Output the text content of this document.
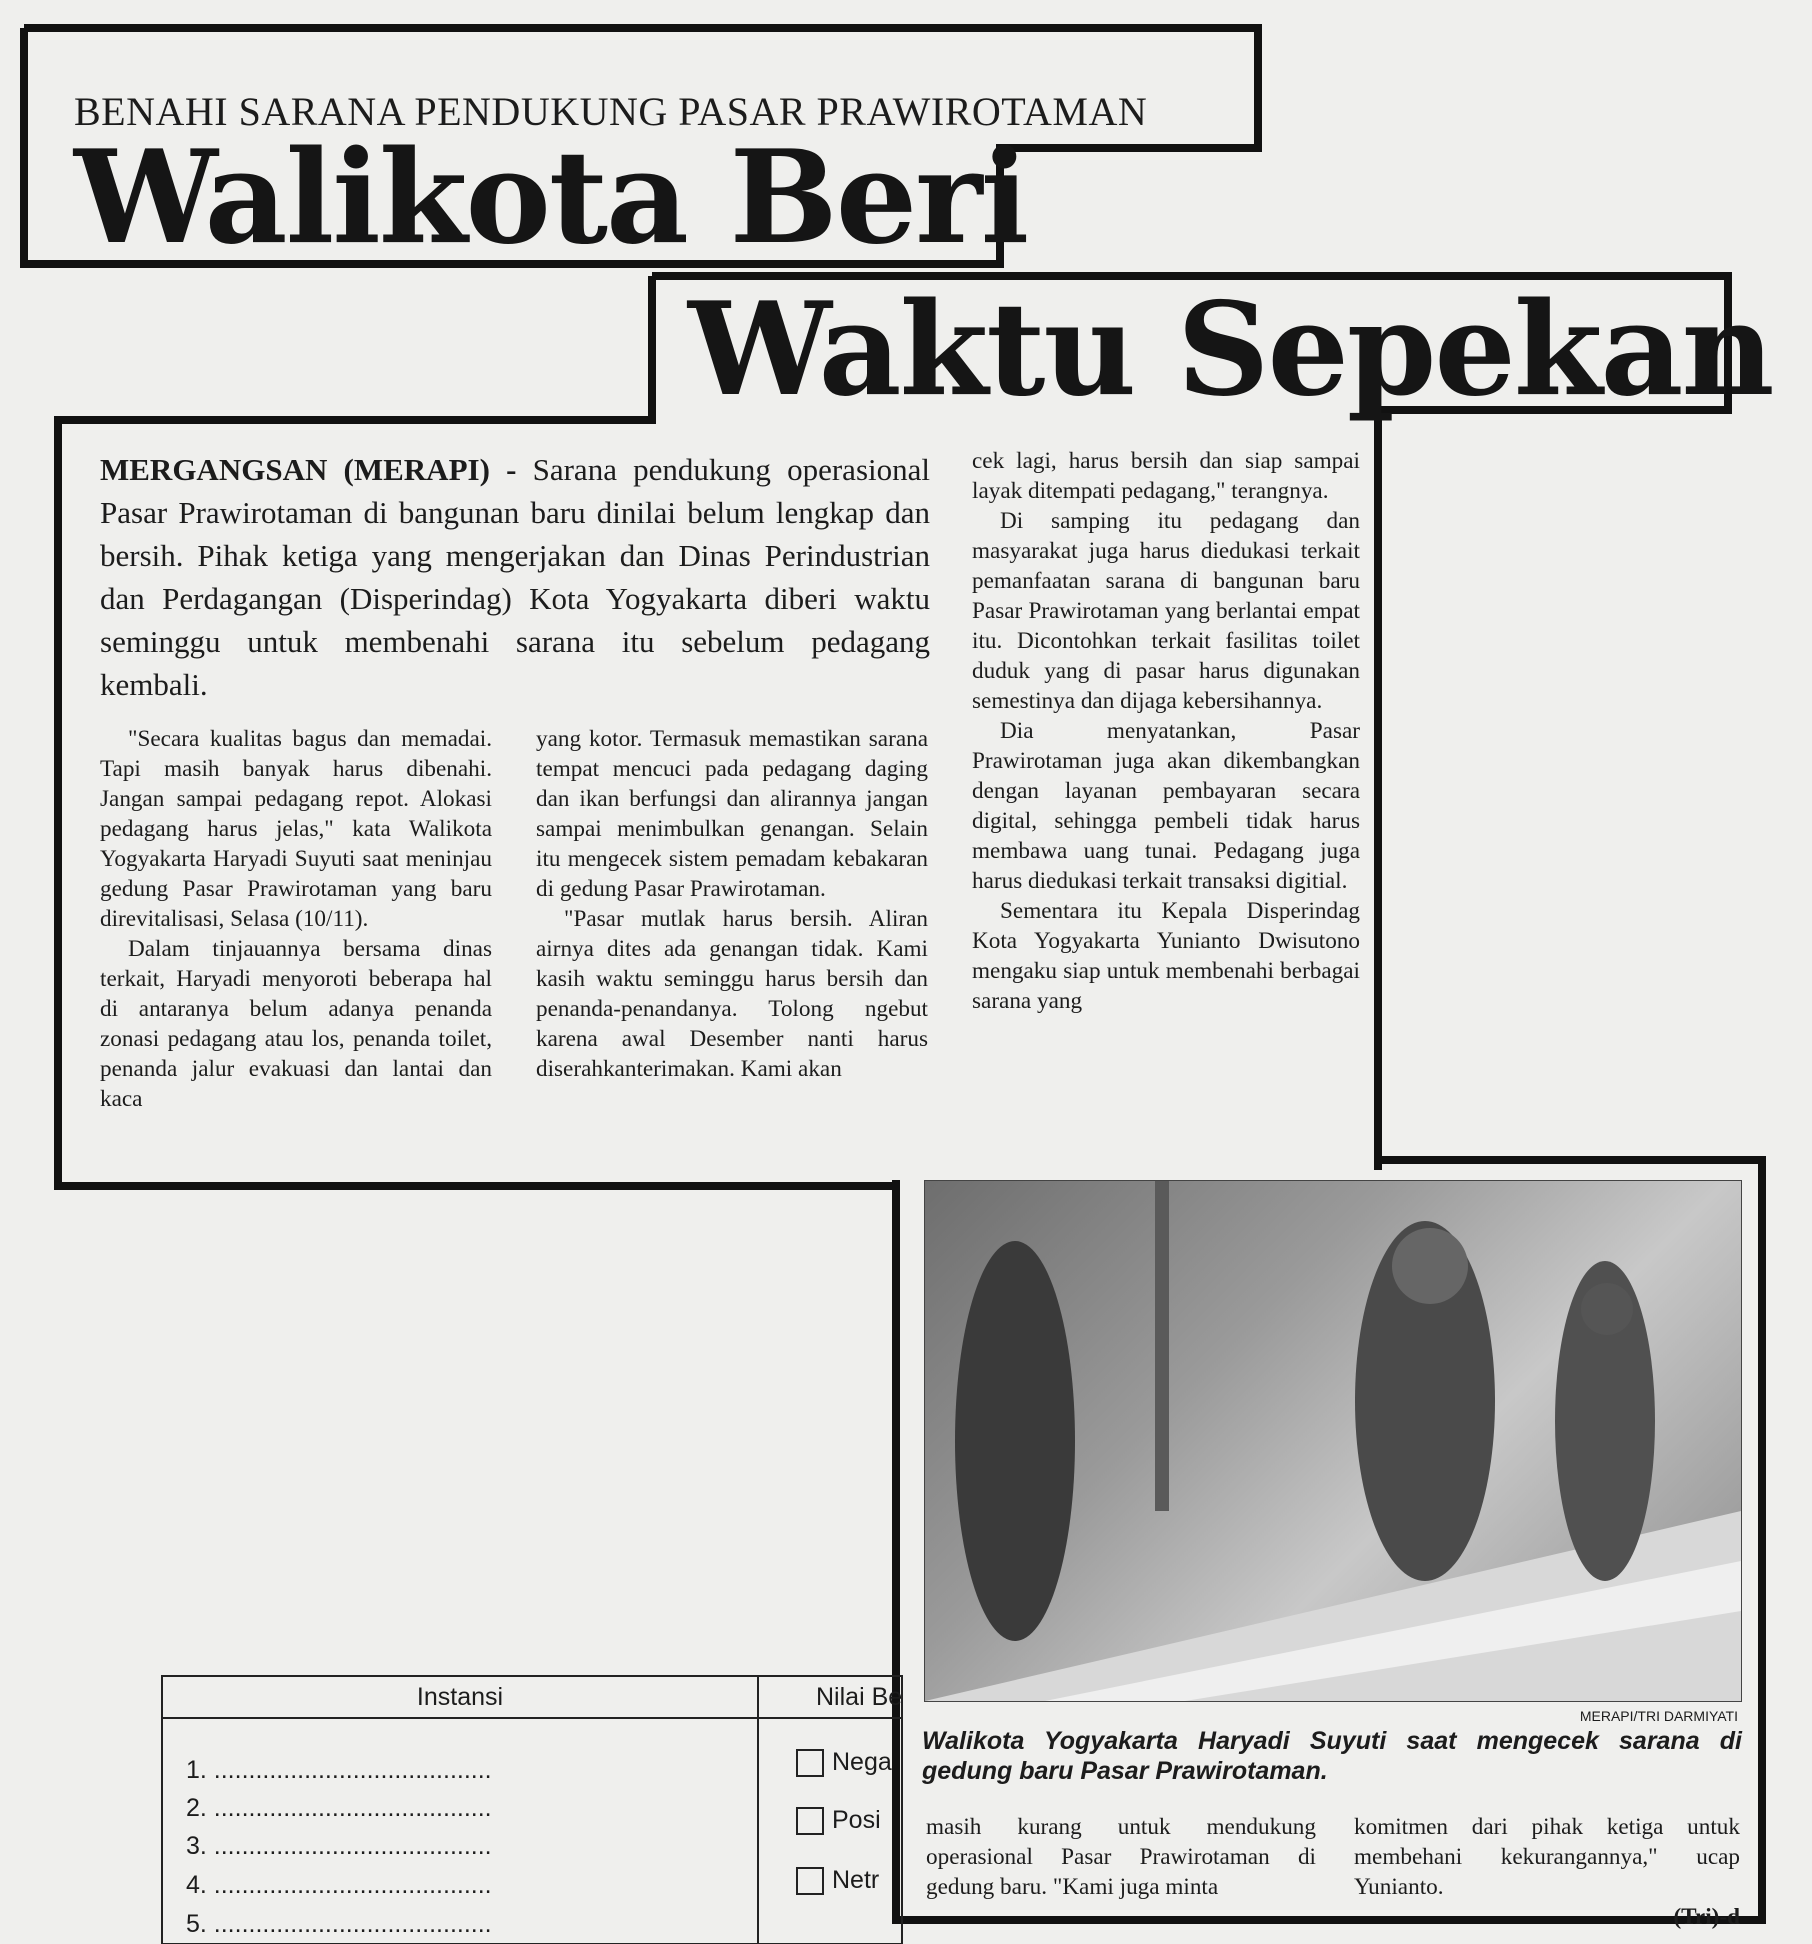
BENAHI SARANA PENDUKUNG PASAR PRAWIROTAMAN
Walikota Beri
Waktu Sepekan

MERGANGSAN (MERAPI) - Sarana pendukung operasional Pasar Prawirotaman di bangunan baru dinilai belum lengkap dan bersih. Pihak ketiga yang mengerjakan dan Dinas Perindustrian dan Perdagangan (Disperindag) Kota Yogyakarta diberi waktu seminggu untuk membenahi sarana itu sebelum pedagang kembali.

"Secara kualitas bagus dan memadai. Tapi masih banyak harus dibenahi. Jangan sampai pedagang repot. Alokasi pedagang harus jelas," kata Walikota Yogyakarta Haryadi Suyuti saat meninjau gedung Pasar Prawirotaman yang baru direvitalisasi, Selasa (10/11).

Dalam tinjauannya bersama dinas terkait, Haryadi menyoroti beberapa hal di antaranya belum adanya penanda zonasi pedagang atau los, penanda toilet, penanda jalur evakuasi dan lantai dan kaca

yang kotor. Termasuk memastikan sarana tempat mencuci pada pedagang daging dan ikan berfungsi dan alirannya jangan sampai menimbulkan genangan. Selain itu mengecek sistem pemadam kebakaran di gedung Pasar Prawirotaman.

"Pasar mutlak harus bersih. Aliran airnya dites ada genangan tidak. Kami kasih waktu seminggu harus bersih dan penanda-penandanya. Tolong ngebut karena awal Desember nanti harus diserahkanterimakan. Kami akan

cek lagi, harus bersih dan siap sampai layak ditempati pedagang," terangnya.

Di samping itu pedagang dan masyarakat juga harus diedukasi terkait pemanfaatan sarana di bangunan baru Pasar Prawirotaman yang berlantai empat itu. Dicontohkan terkait fasilitas toilet duduk yang di pasar harus digunakan semestinya dan dijaga kebersihannya.

Dia menyatankan, Pasar Prawirotaman juga akan dikembangkan dengan layanan pembayaran secara digital, sehingga pembeli tidak harus membawa uang tunai. Pedagang juga harus diedukasi terkait transaksi digitial.

Sementara itu Kepala Disperindag Kota Yogyakarta Yunianto Dwisutono mengaku siap untuk membenahi berbagai sarana yang

MERAPI/TRI DARMIYATI

Walikota Yogyakarta Haryadi Suyuti saat mengecek sarana di gedung baru Pasar Prawirotaman.

masih kurang untuk mendukung operasional Pasar Prawirotaman di gedung baru. "Kami juga minta

komitmen dari pihak ketiga untuk membehani kekurangannya," ucap Yunianto.

(Tri)-d
Instansi	Nilai Be
1. ........................................
2. ........................................
3. ........................................
4. ........................................
5. ........................................
Nega
Posi
Netr
